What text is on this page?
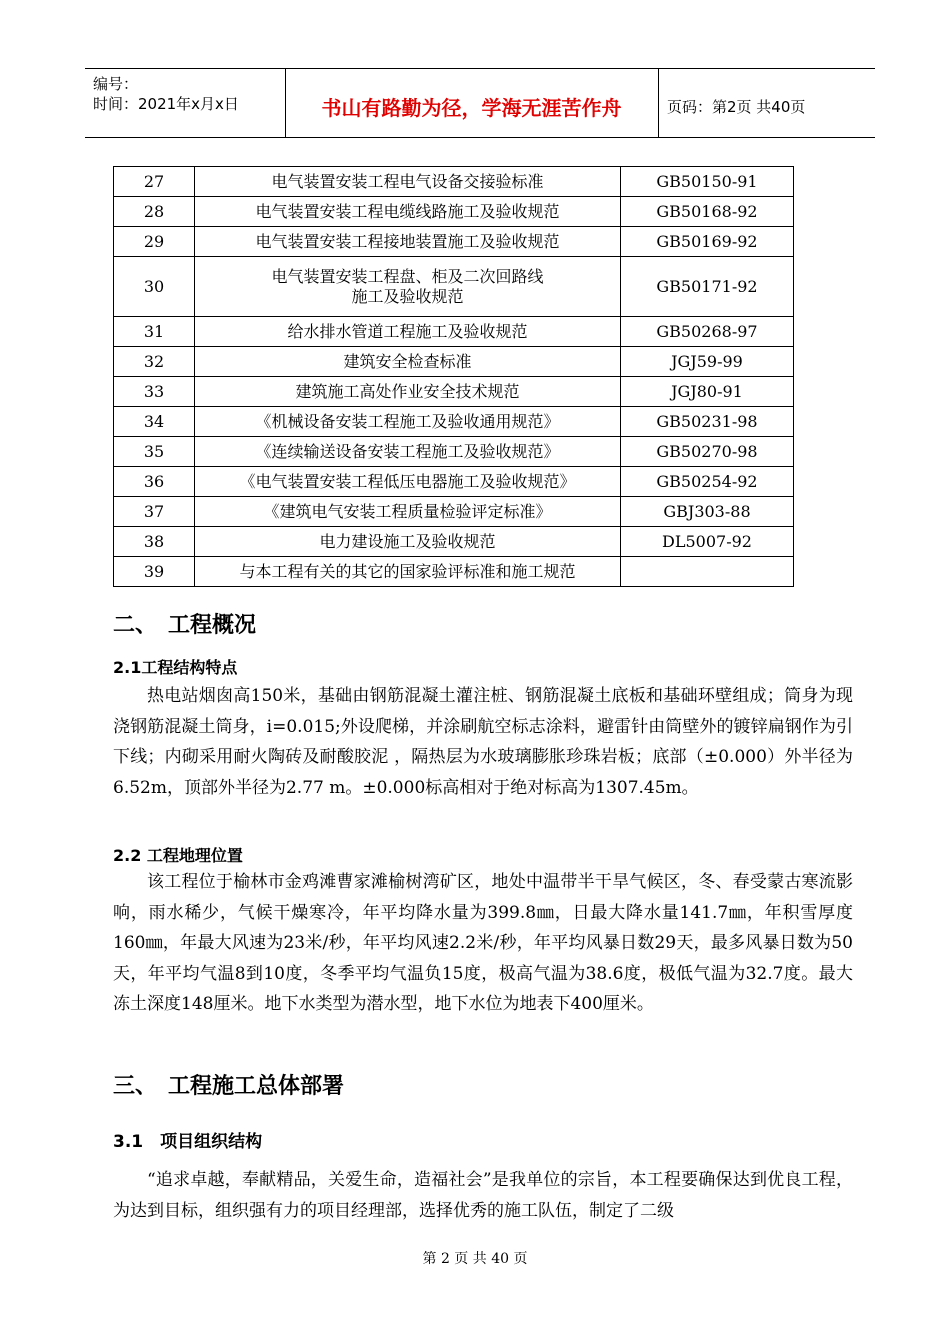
编号：
时间：2021年x月x日	书山有路勤为径，学海无涯苦作舟	页码：第2页 共40页
27	电气装置安装工程电气设备交接验标准	GB50150-91
28	电气装置安装工程电缆线路施工及验收规范	GB50168-92
29	电气装置安装工程接地装置施工及验收规范	GB50169-92
30	电气装置安装工程盘、柜及二次回路线
施工及验收规范	GB50171-92
31	给水排水管道工程施工及验收规范	GB50268-97
32	建筑安全检查标准	JGJ59-99
33	建筑施工高处作业安全技术规范	JGJ80-91
34	《机械设备安装工程施工及验收通用规范》	GB50231-98
35	《连续输送设备安装工程施工及验收规范》	GB50270-98
36	《电气装置安装工程低压电器施工及验收规范》	GB50254-92
37	《建筑电气安装工程质量检验评定标准》	GBJ303-88
38	电力建设施工及验收规范	DL5007-92
39	与本工程有关的其它的国家验评标准和施工规范	
二、　工程概况
2.1工程结构特点
热电站烟囱高150米，基础由钢筋混凝土灌注桩、钢筋混凝土底板和基础环壁组成；筒身为现浇钢筋混凝土筒身，i=0.015;外设爬梯，并涂刷航空标志涂料，避雷针由筒壁外的镀锌扁钢作为引下线；内砌采用耐火陶砖及耐酸胶泥 ，隔热层为水玻璃膨胀珍珠岩板；底部（±0.000）外半径为6.52m，顶部外半径为2.77 m。±0.000标高相对于绝对标高为1307.45m。
2.2 工程地理位置
该工程位于榆林市金鸡滩曹家滩榆树湾矿区，地处中温带半干旱气候区，冬、春受蒙古寒流影响，雨水稀少，气候干燥寒冷，年平均降水量为399.8㎜，日最大降水量141.7㎜，年积雪厚度160㎜，年最大风速为23米/秒，年平均风速2.2米/秒，年平均风暴日数29天，最多风暴日数为50天，年平均气温8到10度，冬季平均气温负15度，极高气温为38.6度，极低气温为32.7度。最大冻土深度148厘米。地下水类型为潜水型，地下水位为地表下400厘米。
三、　工程施工总体部署
3.1　项目组织结构
“追求卓越，奉献精品，关爱生命，造福社会”是我单位的宗旨，本工程要确保达到优良工程，为达到目标，组织强有力的项目经理部，选择优秀的施工队伍，制定了二级
第 2 页 共 40 页
